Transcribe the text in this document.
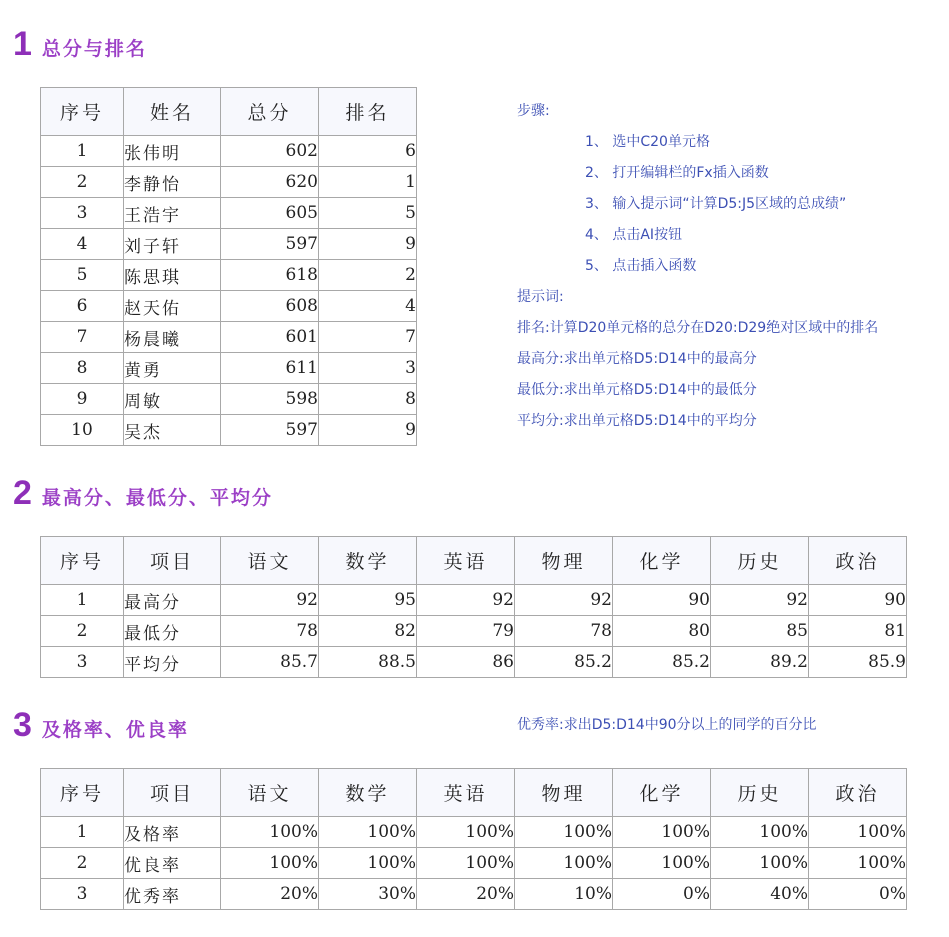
1 总分与排名
序号	姓名	总分	排名
1	张伟明	602	6
2	李静怡	620	1
3	王浩宇	605	5
4	刘子轩	597	9
5	陈思琪	618	2
6	赵天佑	608	4
7	杨晨曦	601	7
8	黄勇	611	3
9	周敏	598	8
10	吴杰	597	9
步骤:
1、 选中C20单元格
2、 打开编辑栏的Fx插入函数
3、 输入提示词“计算D5:J5区域的总成绩”
4、 点击AI按钮
5、 点击插入函数
提示词:
排名:计算D20单元格的总分在D20:D29绝对区域中的排名
最高分:求出单元格D5:D14中的最高分
最低分:求出单元格D5:D14中的最低分
平均分:求出单元格D5:D14中的平均分
2 最高分、最低分、平均分
序号	项目	语文	数学	英语	物理	化学	历史	政治
1	最高分	92	95	92	92	90	92	90
2	最低分	78	82	79	78	80	85	81
3	平均分	85.7	88.5	86	85.2	85.2	89.2	85.9
3 及格率、优良率	优秀率:求出D5:D14中90分以上的同学的百分比
序号	项目	语文	数学	英语	物理	化学	历史	政治
1	及格率	100%	100%	100%	100%	100%	100%	100%
2	优良率	100%	100%	100%	100%	100%	100%	100%
3	优秀率	20%	30%	20%	10%	0%	40%	0%
